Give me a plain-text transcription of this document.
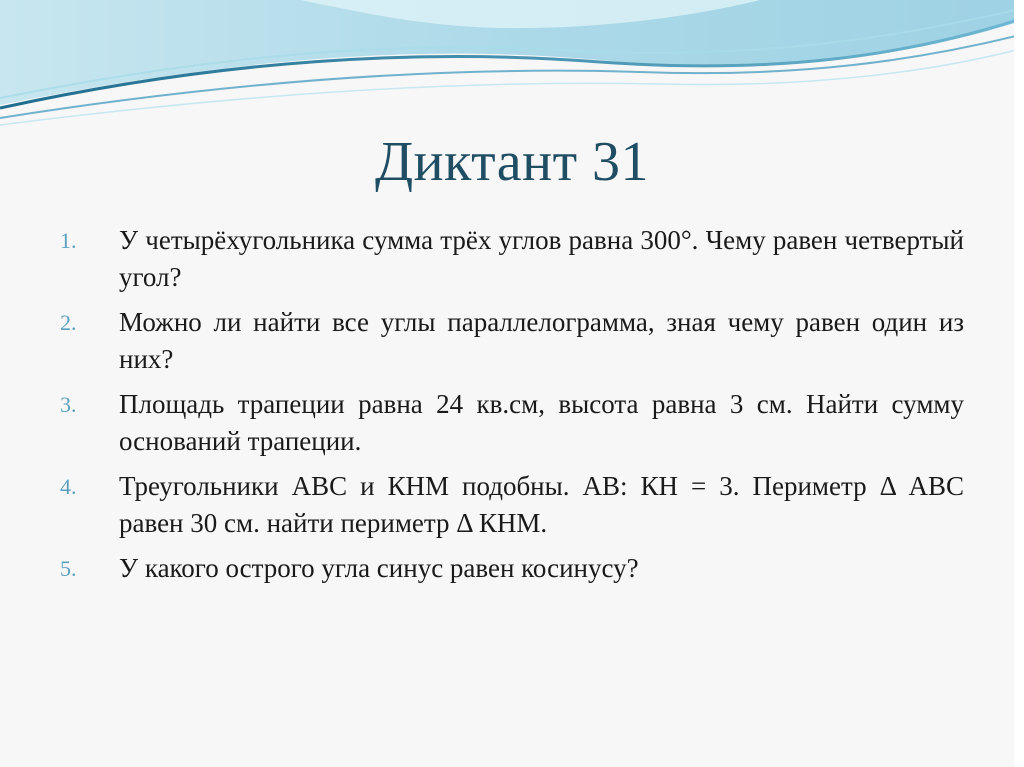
Диктант 31
1.	У четырёхугольника сумма трёх углов равна 300°. Чему равен четвертый угол?
2.	Можно ли найти все углы параллелограмма, зная чему равен один из них?
3.	Площадь трапеции равна 24 кв.см, высота равна 3 см. Найти сумму оснований трапеции.
4.	Треугольники АВС и КНМ подобны. АВ: КН = 3. Периметр Δ АВС равен 30 см. найти периметр Δ КНМ.
5.	У какого острого угла синус равен косинусу?
